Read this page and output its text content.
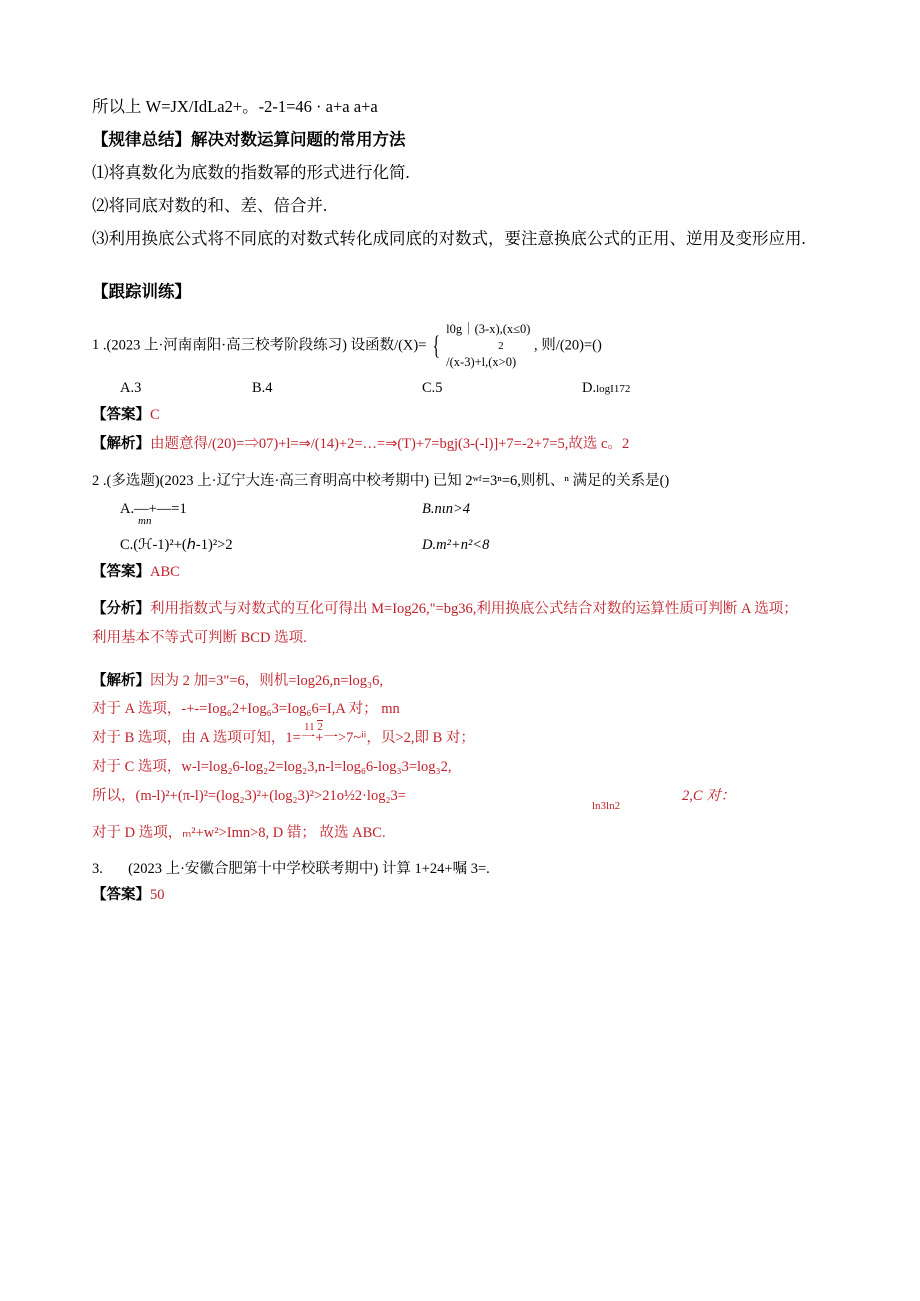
所以上 W=JX/IdLa2+。-2-1=46 · a+a a+a
【规律总结】解决对数运算问题的常用方法
⑴将真数化为底数的指数幂的形式进行化简.
⑵将同底对数的和、差、倍合并.
⑶利用换底公式将不同底的对数式转化成同底的对数式，要注意换底公式的正用、逆用及变形应用.
【跟踪训练】
1 .(2023 上·河南南阳·高三校考阶段练习) 设函数/(X)= { l0g｜(3-x),(x≤0)
2
/(x-3)+l,(x>0) , 则/(20)=()
A.3	B.4	C.5	D.logI172
【答案】C
【解析】由题意得/(20)=⇒07)+l=⇒/(14)+2=…=⇒(T)+7=bgj(3-(-l)]+7=-2+7=5,故选 c。2
2 .(多选题)(2023 上·辽宁大连·高三育明高中校考期中) 已知 2ʷᶠ=3ⁿ=6,则机、ⁿ 满足的关系是()
A.—+—=1
mn
B.nιn>4
C.(ℋ-1)²+(ℎ-1)²>2	D.m²+n²<8
【答案】ABC
【分析】利用指数式与对数式的互化可得出 M=Iog26,"=bg36,利用换底公式结合对数的运算性质可判断 A 选项；
利用基本不等式可判断 BCD 选项.
【解析】因为 2 加=3"=6，则机=log26,n=log₃6,
对于 A 选项，-+-=Iog₆2+Iog₆3=Iog₆6=I,A 对； mn
对于 B 选项，由 A 选项可知，1=一+一>7~ⁱⁱ，贝>2,即 B 对；
11 2
对于 C 选项，w-l=log₂6-log₂2=log₂3,n-l=log₆6-log₃3=log₃2,
所以，(m-l)²+(π-l)²=(log₂3)²+(log₂3)²>21o½2·log₂3=
ln3ln2
2,C 对：
对于 D 选项，ₘ²+w²>Imn>8, D 错； 故选 ABC.
3. (2023 上·安徽合肥第十中学校联考期中) 计算 1+24+嘱 3=.
【答案】50
